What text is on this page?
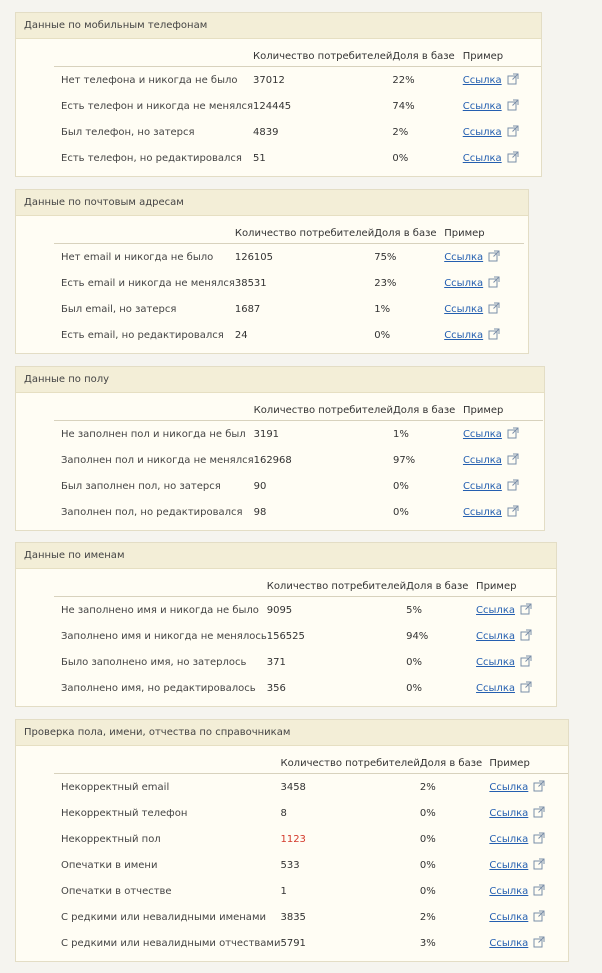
Данные по мобильным телефонам
	Количество потребителей	Доля в базе	Пример
Нет телефона и никогда не было	37012	22%	Ссылка
Есть телефон и никогда не менялся	124445	74%	Ссылка
Был телефон, но затерся	4839	2%	Ссылка
Есть телефон, но редактировался	51	0%	Ссылка
Данные по почтовым адресам
	Количество потребителей	Доля в базе	Пример
Нет email и никогда не было	126105	75%	Ссылка
Есть email и никогда не менялся	38531	23%	Ссылка
Был email, но затерся	1687	1%	Ссылка
Есть email, но редактировался	24	0%	Ссылка
Данные по полу
	Количество потребителей	Доля в базе	Пример
Не заполнен пол и никогда не был	3191	1%	Ссылка
Заполнен пол и никогда не менялся	162968	97%	Ссылка
Был заполнен пол, но затерся	90	0%	Ссылка
Заполнен пол, но редактировался	98	0%	Ссылка
Данные по именам
	Количество потребителей	Доля в базе	Пример
Не заполнено имя и никогда не было	9095	5%	Ссылка
Заполнено имя и никогда не менялось	156525	94%	Ссылка
Было заполнено имя, но затерлось	371	0%	Ссылка
Заполнено имя, но редактировалось	356	0%	Ссылка
Проверка пола, имени, отчества по справочникам
	Количество потребителей	Доля в базе	Пример
Некорректный email	3458	2%	Ссылка
Некорректный телефон	8	0%	Ссылка
Некорректный пол	1123	0%	Ссылка
Опечатки в имени	533	0%	Ссылка
Опечатки в отчестве	1	0%	Ссылка
С редкими или невалидными именами	3835	2%	Ссылка
С редкими или невалидными отчествами	5791	3%	Ссылка
